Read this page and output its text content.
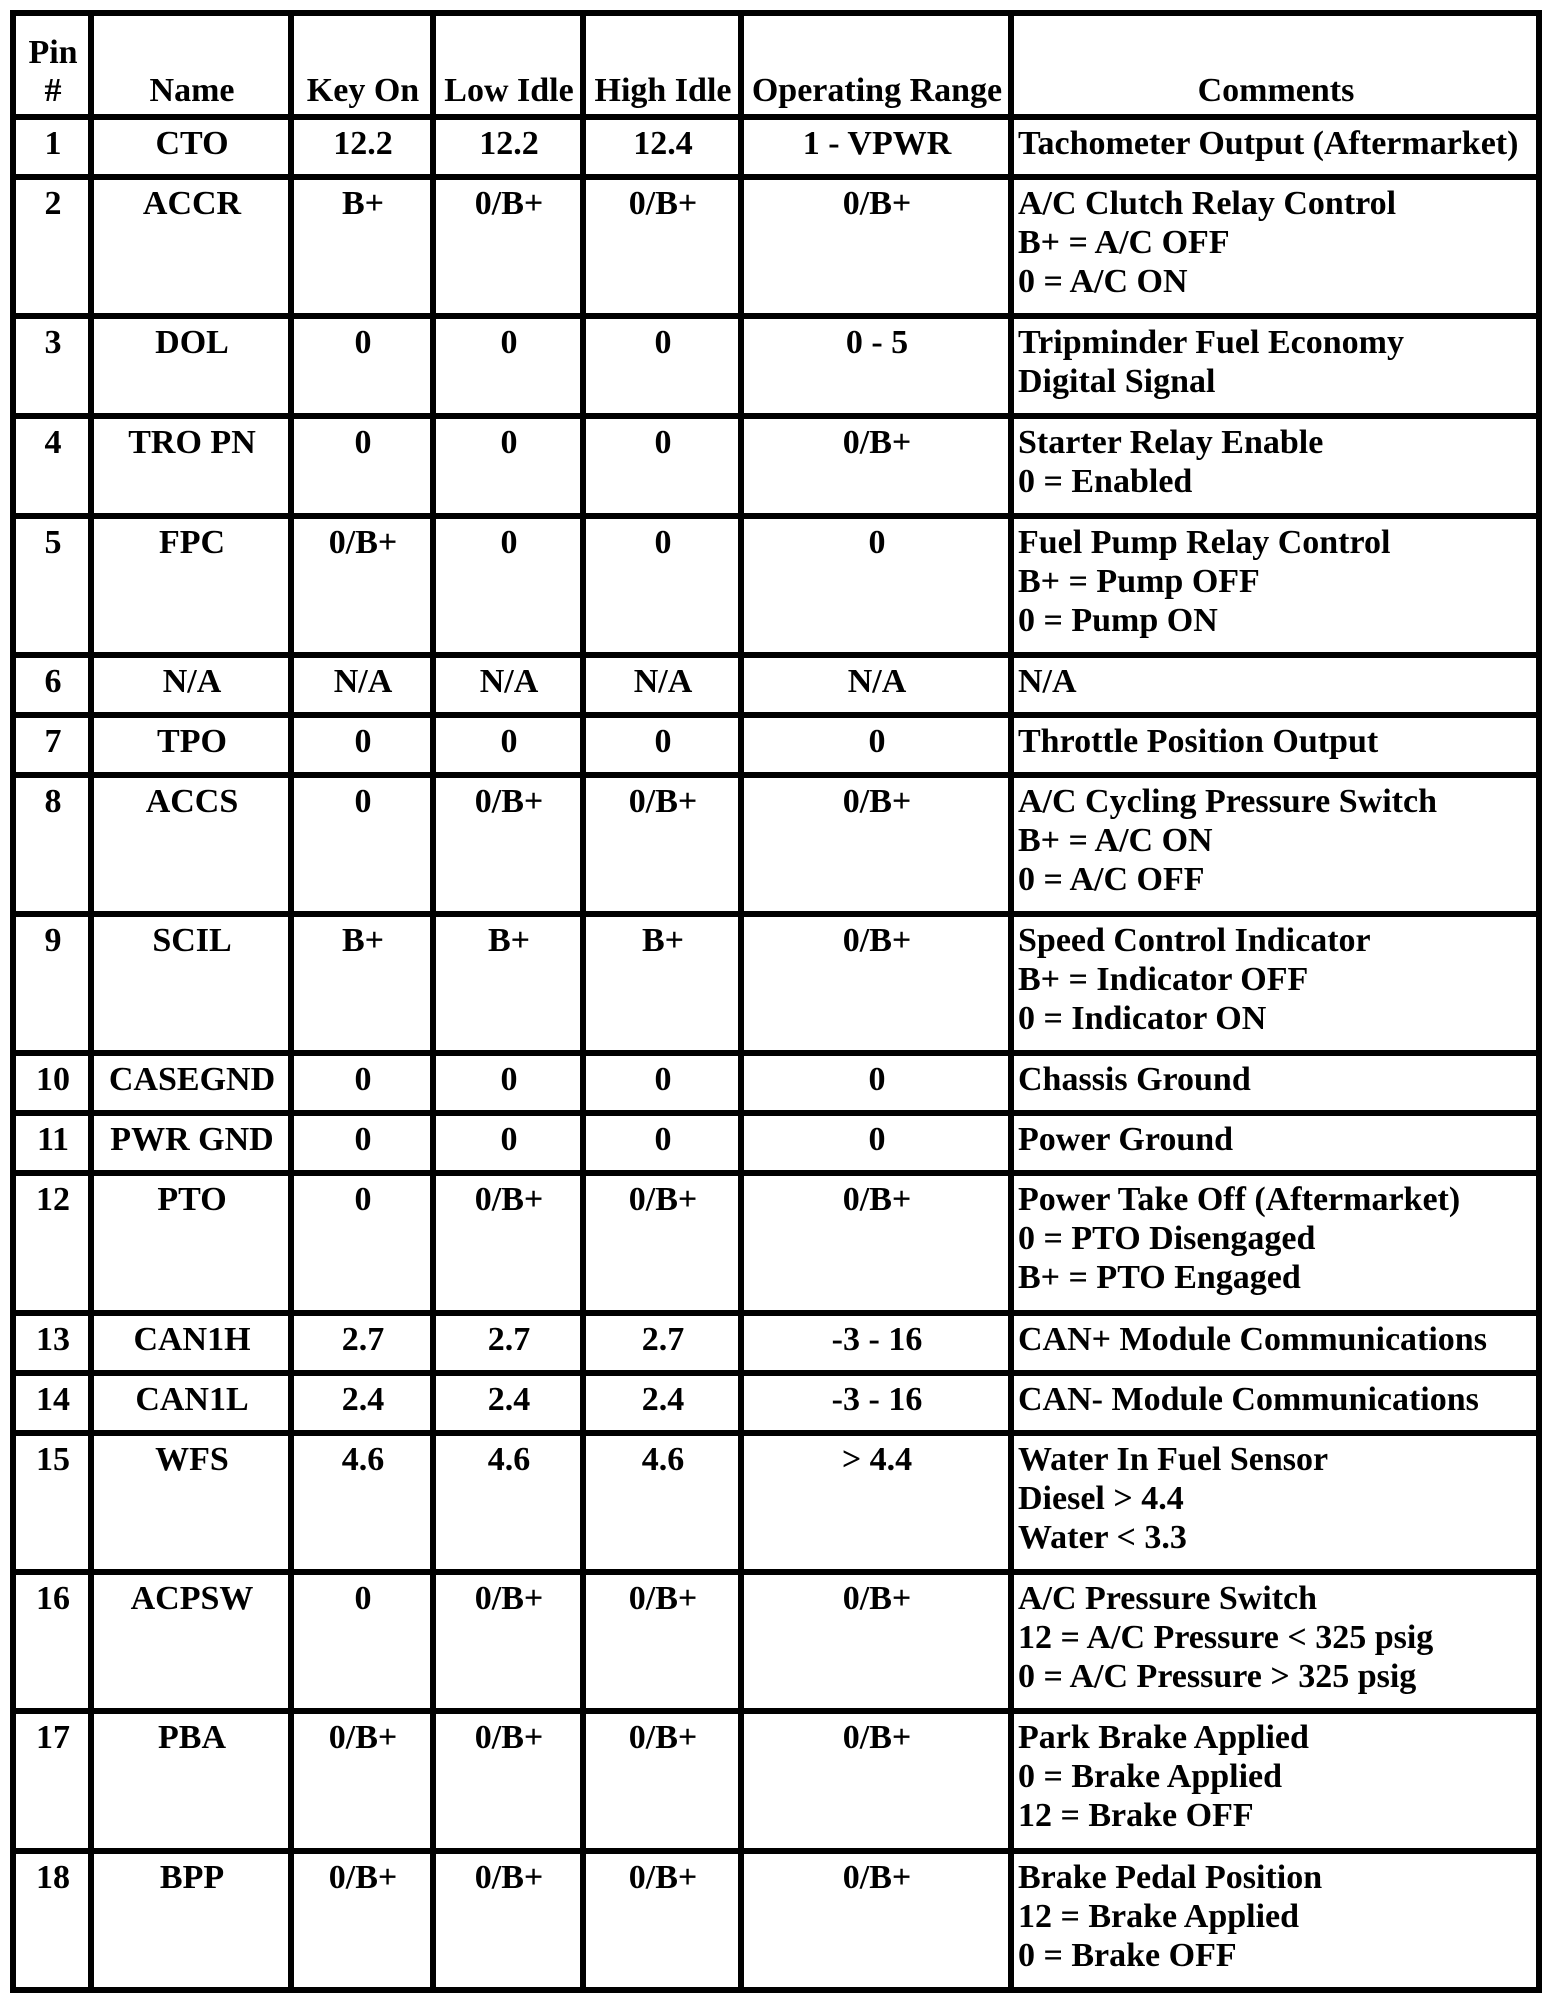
Pin
#	Name	Key On	Low Idle	High Idle	Operating Range	Comments
1	CTO	12.2	12.2	12.4	1 - VPWR	Tachometer Output (Aftermarket)

2	ACCR	B+	0/B+	0/B+	0/B+	A/C Clutch Relay Control
B+ = A/C OFF
0 = A/C ON

3	DOL	0	0	0	0 - 5	Tripminder Fuel Economy
Digital Signal

4	TRO PN	0	0	0	0/B+	Starter Relay Enable
0 = Enabled

5	FPC	0/B+	0	0	0	Fuel Pump Relay Control
B+ = Pump OFF
0 = Pump ON

6	N/A	N/A	N/A	N/A	N/A	N/A

7	TPO	0	0	0	0	Throttle Position Output

8	ACCS	0	0/B+	0/B+	0/B+	A/C Cycling Pressure Switch
B+ = A/C ON
0 = A/C OFF

9	SCIL	B+	B+	B+	0/B+	Speed Control Indicator
B+ = Indicator OFF
0 = Indicator ON

10	CASEGND	0	0	0	0	Chassis Ground

11	PWR GND	0	0	0	0	Power Ground

12	PTO	0	0/B+	0/B+	0/B+	Power Take Off (Aftermarket)
0 = PTO Disengaged
B+ = PTO Engaged

13	CAN1H	2.7	2.7	2.7	-3 - 16	CAN+ Module Communications

14	CAN1L	2.4	2.4	2.4	-3 - 16	CAN- Module Communications

15	WFS	4.6	4.6	4.6	> 4.4	Water In Fuel Sensor
Diesel > 4.4
Water < 3.3

16	ACPSW	0	0/B+	0/B+	0/B+	A/C Pressure Switch
12 = A/C Pressure < 325 psig
0 = A/C Pressure > 325 psig

17	PBA	0/B+	0/B+	0/B+	0/B+	Park Brake Applied
0 = Brake Applied
12 = Brake OFF

18	BPP	0/B+	0/B+	0/B+	0/B+	Brake Pedal Position
12 = Brake Applied
0 = Brake OFF
